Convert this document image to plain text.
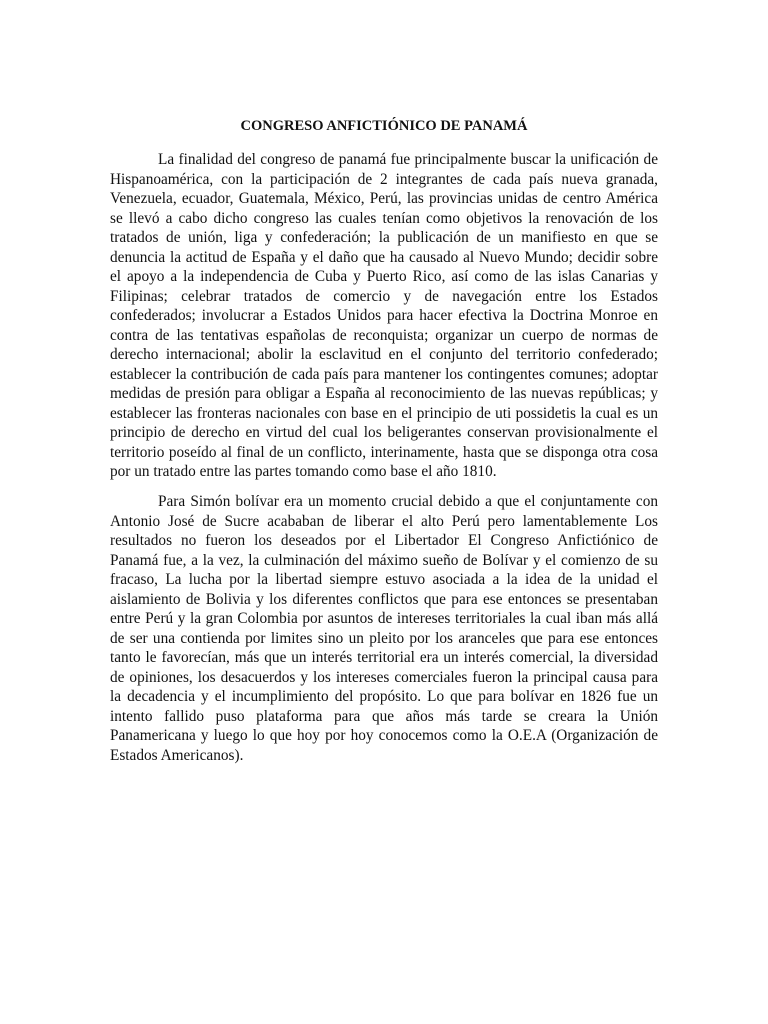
CONGRESO ANFICTIÓNICO DE PANAMÁ

La finalidad del congreso de panamá fue principalmente buscar la unificación de
Hispanoamérica, con la participación de 2 integrantes de cada país nueva granada,
Venezuela, ecuador, Guatemala, México, Perú, las provincias unidas de centro América
se llevó a cabo dicho congreso las cuales tenían como objetivos la renovación de los
tratados de unión, liga y confederación; la publicación de un manifiesto en que se
denuncia la actitud de España y el daño que ha causado al Nuevo Mundo; decidir sobre
el apoyo a la independencia de Cuba y Puerto Rico, así como de las islas Canarias y
Filipinas; celebrar tratados de comercio y de navegación entre los Estados
confederados; involucrar a Estados Unidos para hacer efectiva la Doctrina Monroe en
contra de las tentativas españolas de reconquista; organizar un cuerpo de normas de
derecho internacional; abolir la esclavitud en el conjunto del territorio confederado;
establecer la contribución de cada país para mantener los contingentes comunes; adoptar
medidas de presión para obligar a España al reconocimiento de las nuevas repúblicas; y
establecer las fronteras nacionales con base en el principio de uti possidetis la cual es un
principio de derecho en virtud del cual los beligerantes conservan provisionalmente el
territorio poseído al final de un conflicto, interinamente, hasta que se disponga otra cosa
por un tratado entre las partes tomando como base el año 1810.

Para Simón bolívar era un momento crucial debido a que el conjuntamente con
Antonio José de Sucre acababan de liberar el alto Perú pero lamentablemente Los
resultados no fueron los deseados por el Libertador El Congreso Anfictiónico de
Panamá fue, a la vez, la culminación del máximo sueño de Bolívar y el comienzo de su
fracaso, La lucha por la libertad siempre estuvo asociada a la idea de la unidad el
aislamiento de Bolivia y los diferentes conflictos que para ese entonces se presentaban
entre Perú y la gran Colombia por asuntos de intereses territoriales la cual iban más allá
de ser una contienda por limites sino un pleito por los aranceles que para ese entonces
tanto le favorecían, más que un interés territorial era un interés comercial, la diversidad
de opiniones, los desacuerdos y los intereses comerciales fueron la principal causa para
la decadencia y el incumplimiento del propósito. Lo que para bolívar en 1826 fue un
intento fallido puso plataforma para que años más tarde se creara la Unión
Panamericana y luego lo que hoy por hoy conocemos como la O.E.A (Organización de
Estados Americanos).
